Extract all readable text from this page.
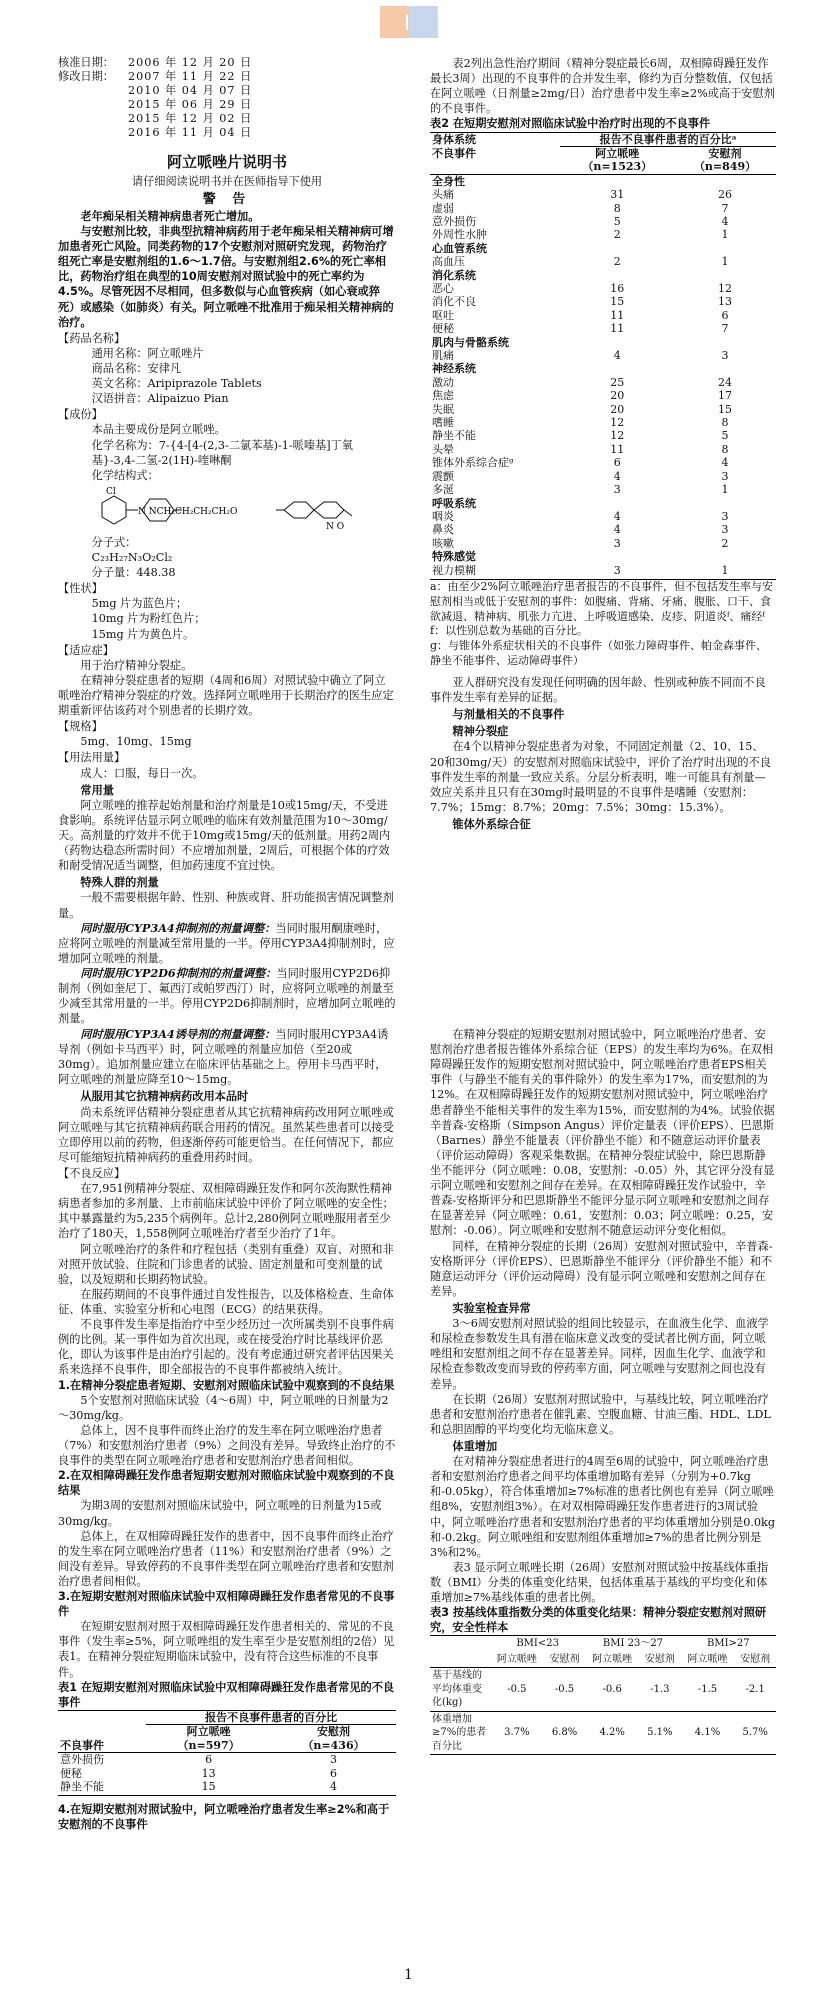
I
核准日期：	2006 年 12 月 20 日
修改日期：	2007 年 11 月 22 日
2010 年 04 月 07 日
2015 年 06 月 29 日
2015 年 12 月 02 日
2016 年 11 月 04 日
阿立哌唑片说明书
请仔细阅读说明书并在医师指导下使用
警 告

老年痴呆相关精神病患者死亡增加。

与安慰剂比较，非典型抗精神病药用于老年痴呆相关精神病可增加患者死亡风险。同类药物的17个安慰剂对照研究发现，药物治疗组死亡率是安慰剂组的1.6～1.7倍。与安慰剂组2.6%的死亡率相比，药物治疗组在典型的10周安慰剂对照试验中的死亡率约为4.5%。尽管死因不尽相同，但多数似与心血管疾病（如心衰或猝死）或感染（如肺炎）有关。阿立哌唑不批准用于痴呆相关精神病的治疗。

【药品名称】

通用名称：阿立哌唑片

商品名称：安律凡

英文名称：Aripiprazole Tablets

汉语拼音：Alipaizuo Pian

【成份】

本品主要成份是阿立哌唑。

化学名称为：7-{4-[4-(2,3-二氯苯基)-1-哌嗪基]丁氧基}-3,4-二氢-2(1H)-喹啉酮

化学结构式：

Cl
N NCH₂CH₂CH₂CH₂O
N O

分子式：

C₂₃H₂₇N₃O₂Cl₂

分子量：448.38

【性状】

5mg 片为蓝色片；

10mg 片为粉红色片；

15mg 片为黄色片。

【适应症】

用于治疗精神分裂症。

在精神分裂症患者的短期（4周和6周）对照试验中确立了阿立哌唑治疗精神分裂症的疗效。选择阿立哌唑用于长期治疗的医生应定期重新评估该药对个别患者的长期疗效。

【规格】

5mg、10mg、15mg

【用法用量】

成人：口服，每日一次。

常用量

阿立哌唑的推荐起始剂量和治疗剂量是10或15mg/天，不受进食影响。系统评估显示阿立哌唑的临床有效剂量范围为10～30mg/天。高剂量的疗效并不优于10mg或15mg/天的低剂量。用药2周内（药物达稳态所需时间）不应增加剂量，2周后，可根据个体的疗效和耐受情况适当调整，但加药速度不宜过快。

特殊人群的剂量

一般不需要根据年龄、性别、种族或肾、肝功能损害情况调整剂量。

同时服用CYP3A4抑制剂的剂量调整：当同时服用酮康唑时，应将阿立哌唑的剂量减至常用量的一半。停用CYP3A4抑制剂时，应增加阿立哌唑的剂量。

同时服用CYP2D6抑制剂的剂量调整：当同时服用CYP2D6抑制剂（例如奎尼丁、氟西汀或帕罗西汀）时，应将阿立哌唑的剂量至少减至其常用量的一半。停用CYP2D6抑制剂时，应增加阿立哌唑的剂量。

表2列出急性治疗期间（精神分裂症最长6周，双相障碍躁狂发作最长3周）出现的不良事件的合并发生率，修约为百分整数值，仅包括在阿立哌唑（日剂量≥2mg/日）治疗患者中发生率≥2%或高于安慰剂的不良事件。

表2 在短期安慰剂对照临床试验中治疗时出现的不良事件

身体系统	报告不良事件患者的百分比ᵃ	
不良事件	阿立哌唑	安慰剂
	（n=1523）	（n=849）
全身性		
头痛	31	26
虚弱	8	7
意外损伤	5	4
外周性水肿	2	1
心血管系统		
高血压	2	1
消化系统		
恶心	16	12
消化不良	15	13
呕吐	11	6
便秘	11	7
肌肉与骨骼系统		
肌痛	4	3
神经系统		
激动	25	24
焦虑	20	17
失眠	20	15
嗜睡	12	8
静坐不能	12	5
头晕	11	8
锥体外系综合症ᵍ	6	4
震颤	4	3
多涎	3	1
呼吸系统		
咽炎	4	3
鼻炎	4	3
咳嗽	3	2
特殊感觉		
视力模糊	3	1

a：由至少2%阿立哌唑治疗患者报告的不良事件，但不包括发生率与安慰剂相当或低于安慰剂的事件：如腹痛、背痛、牙痛、腹胀、口干、食欲减退、精神病、肌张力亢进、上呼吸道感染、皮疹、阴道炎ᶠ、痛经ᶠ

f：以性别总数为基础的百分比。

g：与锥体外系症状相关的不良事件（如张力障碍事件、帕金森事件、静坐不能事件、运动障碍事件）

亚人群研究没有发现任何明确的因年龄、性别或种族不同而不良事件发生率有差异的证据。

与剂量相关的不良事件

精神分裂症

在4个以精神分裂症患者为对象，不同固定剂量（2、10、15、20和30mg/天）的安慰剂对照临床试验中，评价了治疗时出现的不良事件发生率的剂量一致应关系。分层分析表明，唯一可能具有剂量—效应关系并且只有在30mg时最明显的不良事件是嗜睡（安慰剂：7.7%；15mg：8.7%；20mg：7.5%；30mg：15.3%）。

锥体外系综合征

同时服用CYP3A4诱导剂的剂量调整：当同时服用CYP3A4诱导剂（例如卡马西平）时，阿立哌唑的剂量应加倍（至20或30mg）。追加剂量应建立在临床评估基础之上。停用卡马西平时，阿立哌唑的剂量应降至10～15mg。

从服用其它抗精神病药改用本品时

尚未系统评估精神分裂症患者从其它抗精神病药改用阿立哌唑或阿立哌唑与其它抗精神病药联合用药的情况。虽然某些患者可以接受立即停用以前的药物，但逐渐停药可能更恰当。在任何情况下，都应尽可能缩短抗精神病药的重叠用药时间。

【不良反应】

在7,951例精神分裂症、双相障碍躁狂发作和阿尔茨海默性精神病患者参加的多剂量、上市前临床试验中评价了阿立哌唑的安全性；其中暴露量约为5,235个病例年。总计2,280例阿立哌唑服用者至少治疗了180天，1,558例阿立哌唑治疗者至少治疗了1年。

阿立哌唑治疗的条件和疗程包括（类别有重叠）双盲、对照和非对照开放试验、住院和门诊患者的试验、固定剂量和可变剂量的试验，以及短期和长期药物试验。

在服药期间的不良事件通过自发性报告，以及体格检查、生命体征、体重、实验室分析和心电图（ECG）的结果获得。

不良事件发生率是指治疗中至少经历过一次所属类别不良事件病例的比例。某一事件如为首次出现，或在接受治疗时比基线评价恶化，即认为该事件是由治疗引起的。没有考虑通过研究者评估因果关系来选择不良事件，即全部报告的不良事件都被纳入统计。

1.在精神分裂症患者短期、安慰剂对照临床试验中观察到的不良结果

5个安慰剂对照临床试验（4～6周）中，阿立哌唑的日剂量为2～30mg/kg。

总体上，因不良事件而终止治疗的发生率在阿立哌唑治疗患者（7%）和安慰剂治疗患者（9%）之间没有差异。导致终止治疗的不良事件的类型在阿立哌唑治疗患者和安慰剂治疗患者间相似。

2.在双相障碍躁狂发作患者短期安慰剂对照临床试验中观察到的不良结果

为期3周的安慰剂对照临床试验中，阿立哌唑的日剂量为15或30mg/kg。

总体上，在双相障碍躁狂发作的患者中，因不良事件而终止治疗的发生率在阿立哌唑治疗患者（11%）和安慰剂治疗患者（9%）之间没有差异。导致停药的不良事件类型在阿立哌唑治疗患者和安慰剂治疗患者间相似。

3.在短期安慰剂对照临床试验中双相障碍躁狂发作患者常见的不良事件

在短期安慰剂对照于双相障碍躁狂发作患者相关的、常见的不良事件（发生率≥5%，阿立哌唑组的发生率至少是安慰剂组的2倍）见表1。在精神分裂症短期临床试验中，没有符合这些标准的不良事件。

表1 在短期安慰剂对照临床试验中双相障碍躁狂发作患者常见的不良事件

	报告不良事件患者的百分比	
	阿立哌唑	安慰剂
不良事件	（n=597）	（n=436）
意外损伤	6	3
便秘	13	6
静坐不能	15	4

4.在短期安慰剂对照试验中，阿立哌唑治疗患者发生率≥2%和高于安慰剂的不良事件

在精神分裂症的短期安慰剂对照试验中，阿立哌唑治疗患者、安慰剂治疗患者报告锥体外系综合征（EPS）的发生率均为6%。在双相障碍躁狂发作的短期安慰剂对照试验中，阿立哌唑治疗患者EPS相关事件（与静坐不能有关的事件除外）的发生率为17%，而安慰剂的为12%。在双相障碍躁狂发作的短期安慰剂对照试验中，阿立哌唑治疗患者静坐不能相关事件的发生率为15%，而安慰剂的为4%。试验依据辛普森-安格斯（Simpson Angus）评价定量表（评价EPS）、巴恩斯（Barnes）静坐不能量表（评价静坐不能）和不随意运动评价量表（评价运动障碍）客观采集数据。在精神分裂症试验中，除巴恩斯静坐不能评分（阿立哌唑：0.08，安慰剂：-0.05）外，其它评分没有显示阿立哌唑和安慰剂之间存在差异。在双相障碍躁狂发作试验中，辛普森-安格斯评分和巴恩斯静坐不能评分显示阿立哌唑和安慰剂之间存在显著差异（阿立哌唑：0.61，安慰剂：0.03；阿立哌唑：0.25，安慰剂：-0.06）。阿立哌唑和安慰剂不随意运动评分变化相似。

同样，在精神分裂症的长期（26周）安慰剂对照试验中，辛普森-安格斯评分（评价EPS）、巴恩斯静坐不能评分（评价静坐不能）和不随意运动评分（评价运动障碍）没有显示阿立哌唑和安慰剂之间存在差异。

实验室检查异常

3～6周安慰剂对照试验的组间比较显示，在血液生化学、血液学和尿检查参数发生具有潜在临床意义改变的受试者比例方面，阿立哌唑组和安慰剂组之间不存在显著差异。同样，因血生化学、血液学和尿检查参数改变而导致的停药率方面，阿立哌唑与安慰剂之间也没有差异。

在长期（26周）安慰剂对照试验中，与基线比较，阿立哌唑治疗患者和安慰剂治疗患者在催乳素、空腹血糖、甘油三酯、HDL、LDL和总胆固醇的平均变化均无临床意义。

体重增加

在对精神分裂症患者进行的4周至6周的试验中，阿立哌唑治疗患者和安慰剂治疗患者之间平均体重增加略有差异（分别为+0.7kg和-0.05kg），符合体重增加≥7%标准的患者比例也有差异（阿立哌唑组8%，安慰剂组3%）。在对双相障碍躁狂发作患者进行的3周试验中，阿立哌唑治疗患者和安慰剂治疗患者的平均体重增加分别是0.0kg和-0.2kg。阿立哌唑组和安慰剂组体重增加≥7%的患者比例分别是3%和2%。

表3 显示阿立哌唑长期（26周）安慰剂对照试验中按基线体重指数（BMI）分类的体重变化结果，包括体重基于基线的平均变化和体重增加≥7%基线体重的患者比例。

表3 按基线体重指数分类的体重变化结果：精神分裂症安慰剂对照研究，安全性样本

	BMI<23		BMI 23～27		BMI>27	
	阿立哌唑	安慰剂	阿立哌唑	安慰剂	阿立哌唑	安慰剂
基于基线的平均体重变化(kg)	-0.5	-0.5	-0.6	-1.3	-1.5	-2.1
体重增加≥7%的患者百分比	3.7%	6.8%	4.2%	5.1%	4.1%	5.7%
1
